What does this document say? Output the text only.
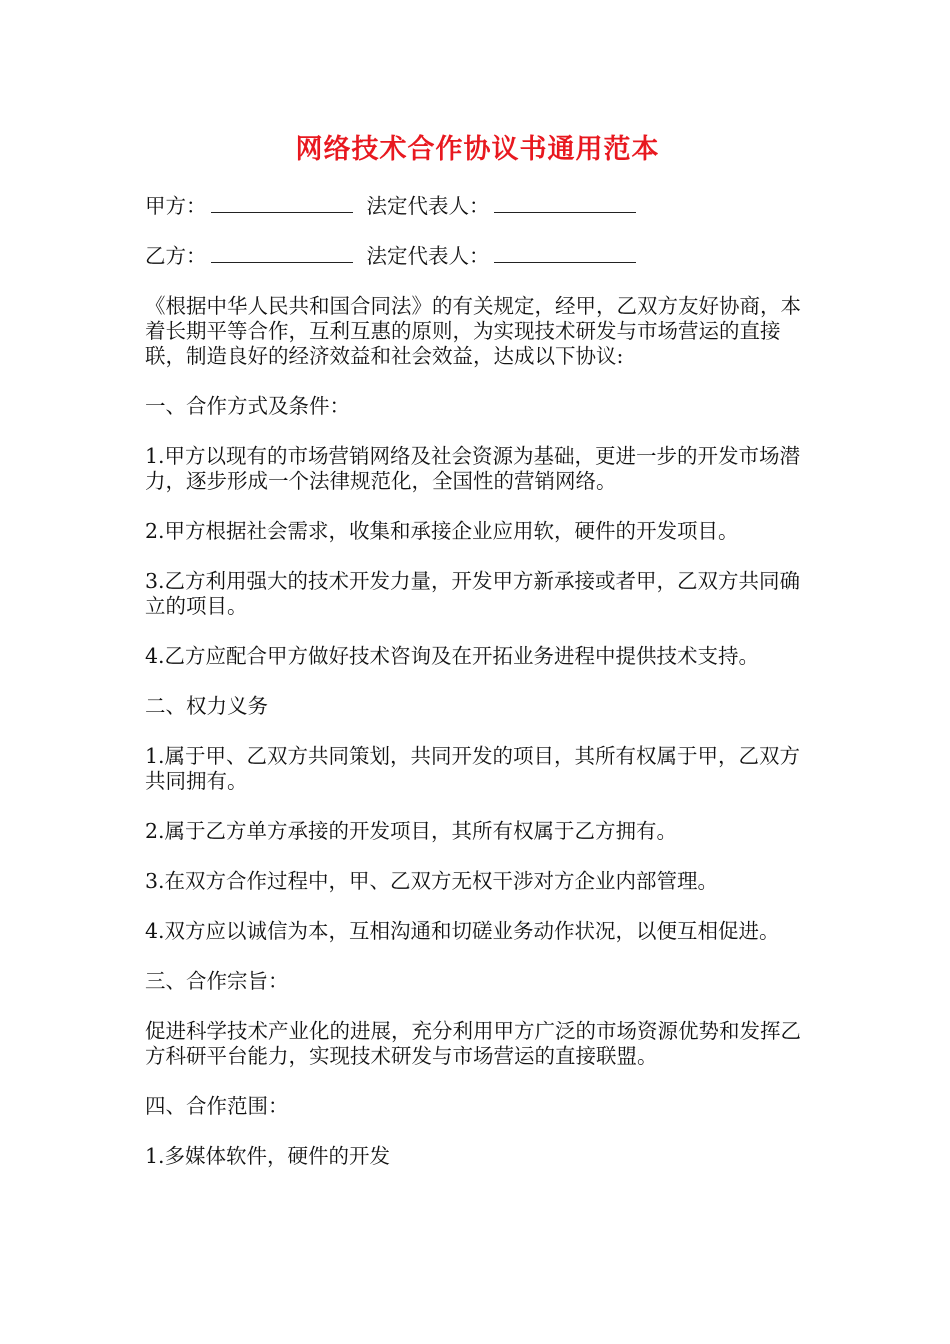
网络技术合作协议书通用范本
甲方：	法定代表人：
乙方：	法定代表人：

《根据中华人民共和国合同法》的有关规定，经甲，乙双方友好协商，本着长期平等合作，互利互惠的原则，为实现技术研发与市场营运的直接联，制造良好的经济效益和社会效益，达成以下协议:

一、合作方式及条件：

1.甲方以现有的市场营销网络及社会资源为基础，更进一步的开发市场潜力，逐步形成一个法律规范化，全国性的营销网络。

2.甲方根据社会需求，收集和承接企业应用软，硬件的开发项目。

3.乙方利用强大的技术开发力量，开发甲方新承接或者甲，乙双方共同确立的项目。

4.乙方应配合甲方做好技术咨询及在开拓业务进程中提供技术支持。

二、权力义务

1.属于甲、乙双方共同策划，共同开发的项目，其所有权属于甲，乙双方共同拥有。

2.属于乙方单方承接的开发项目，其所有权属于乙方拥有。

3.在双方合作过程中，甲、乙双方无权干涉对方企业内部管理。

4.双方应以诚信为本，互相沟通和切磋业务动作状况，以便互相促进。

三、合作宗旨：

促进科学技术产业化的进展，充分利用甲方广泛的市场资源优势和发挥乙方科研平台能力，实现技术研发与市场营运的直接联盟。

四、合作范围：

1.多媒体软件，硬件的开发
